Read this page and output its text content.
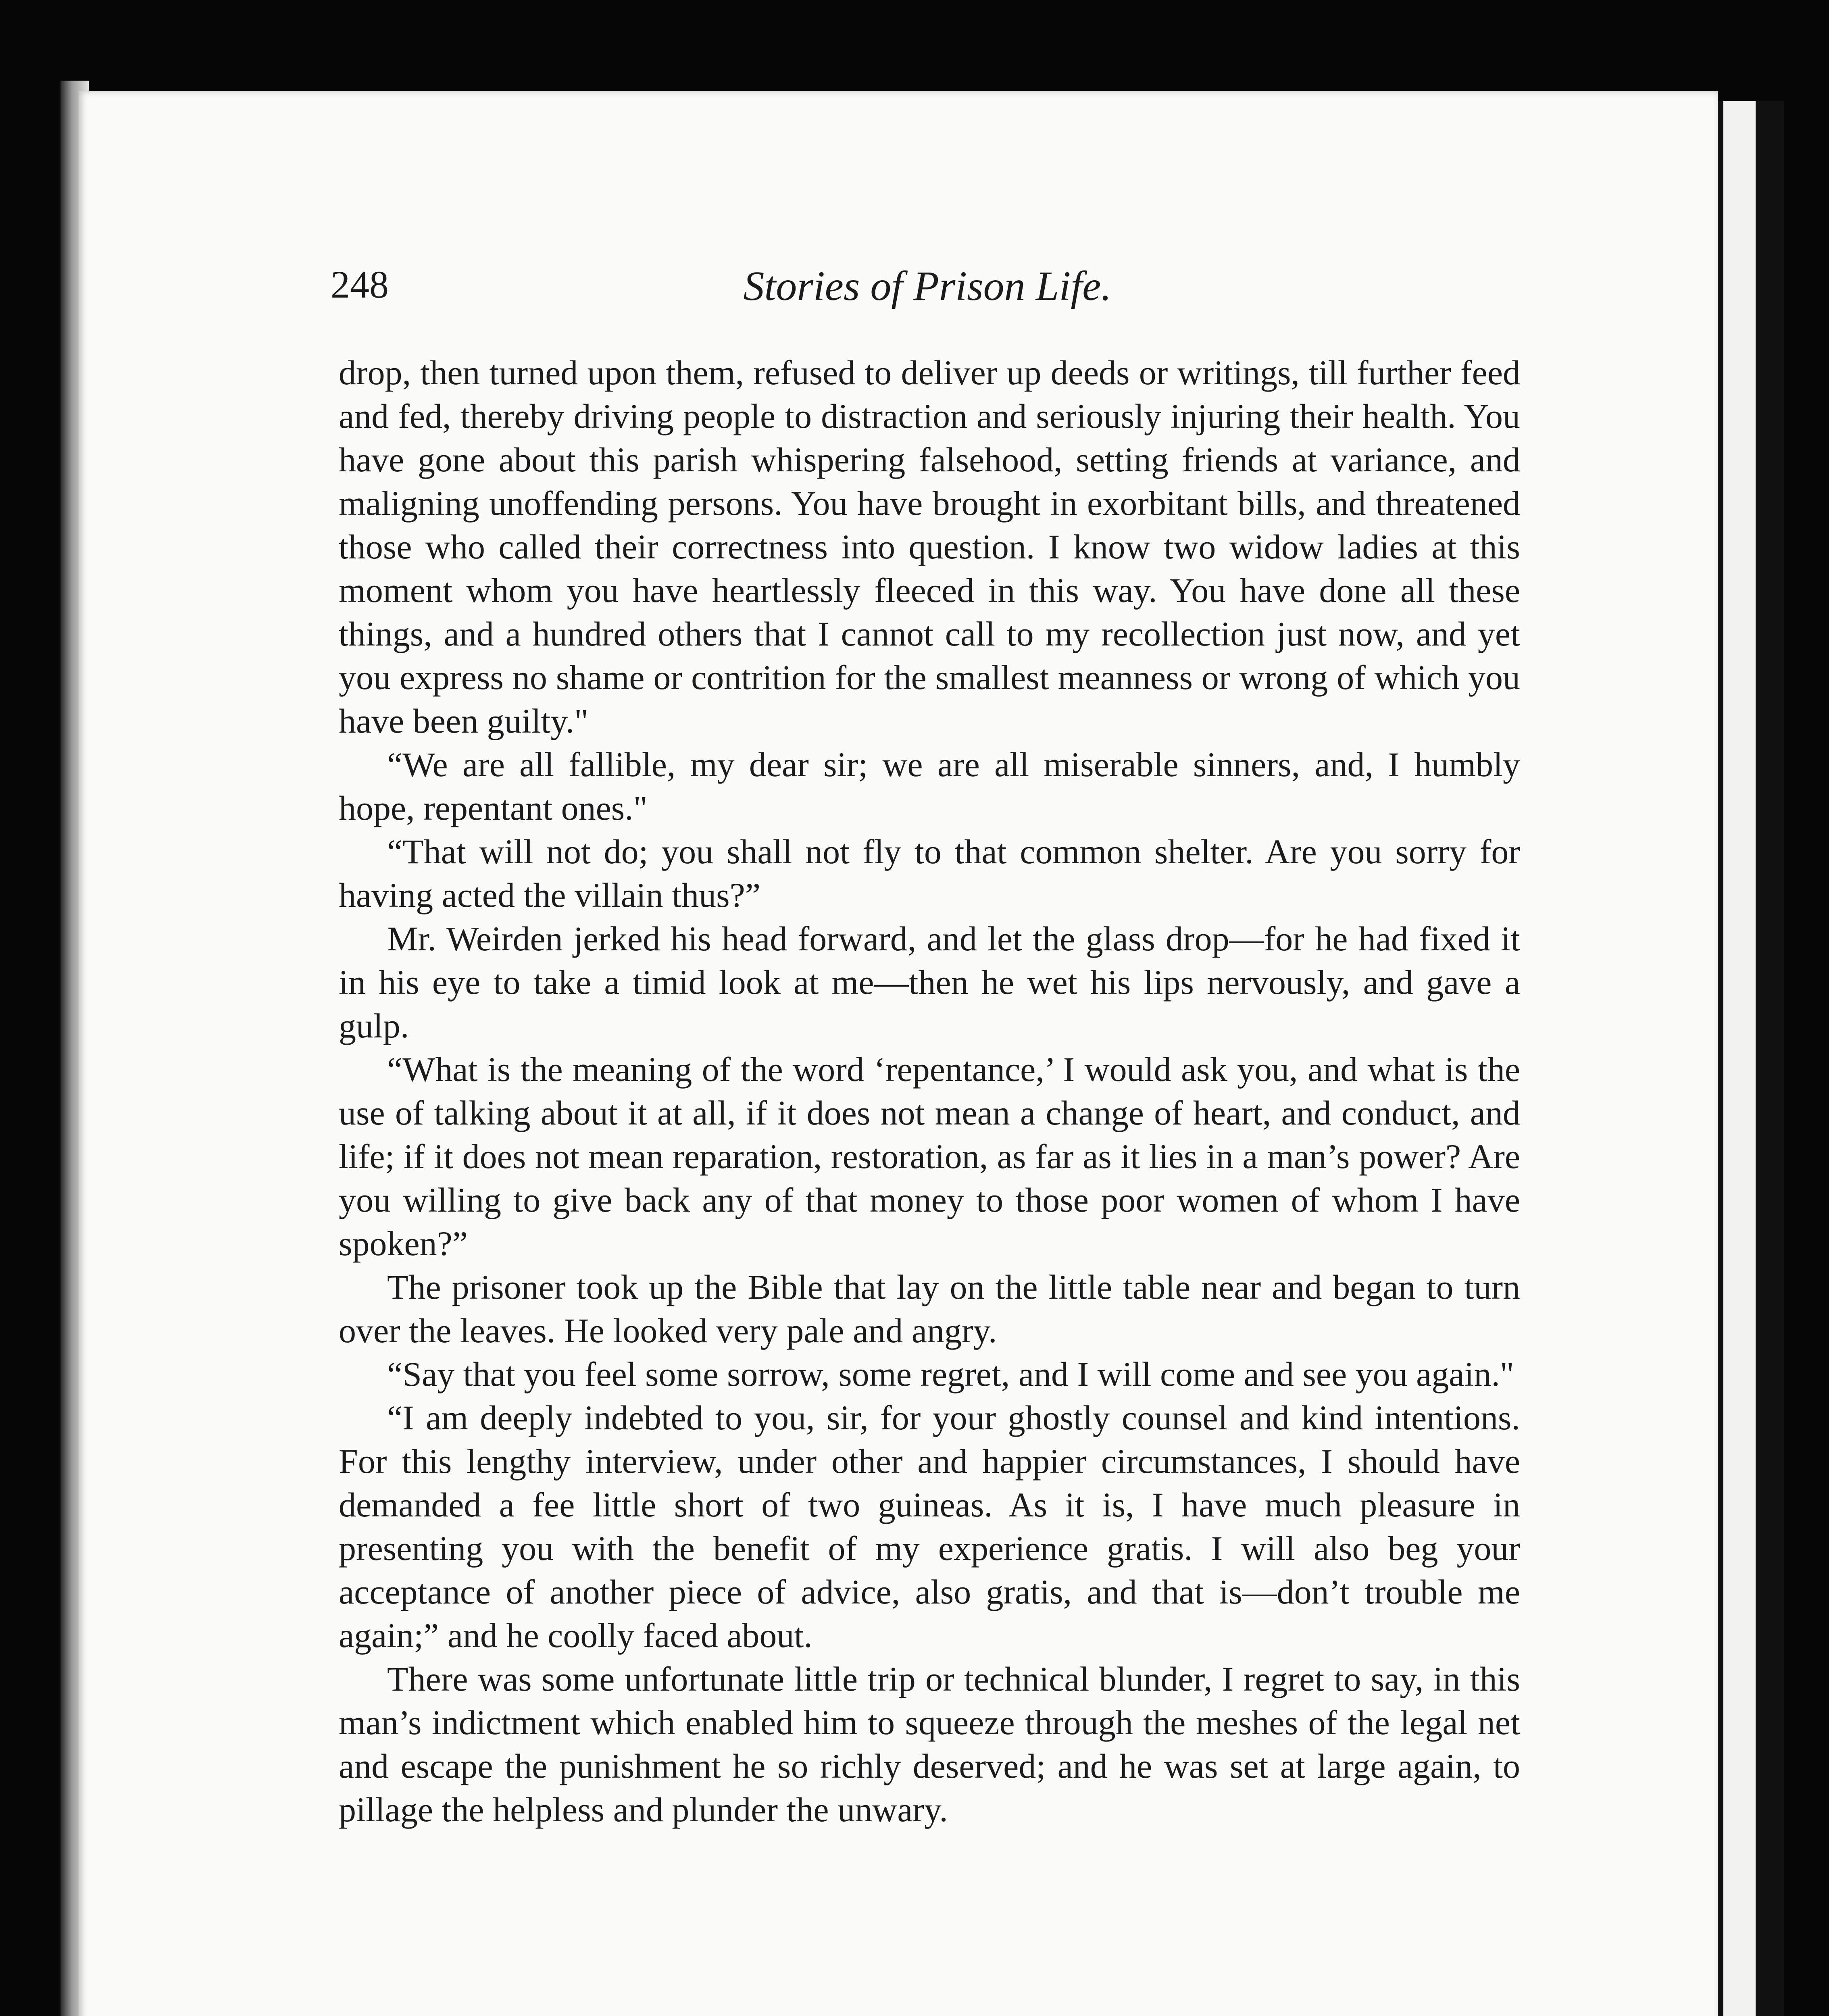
248	Stories of Prison Life.

drop, then turned upon them, refused to deliver up deeds or writings, till further feed and fed, thereby driving people to distraction and seriously injuring their health. You have gone about this parish whispering falsehood, setting friends at variance, and maligning unoffending persons. You have brought in exorbitant bills, and threatened those who called their correctness into question. I know two widow ladies at this moment whom you have heartlessly fleeced in this way. You have done all these things, and a hundred others that I cannot call to my recollection just now, and yet you express no shame or contrition for the smallest meanness or wrong of which you have been guilty."

“We are all fallible, my dear sir; we are all miserable sinners, and, I humbly hope, repentant ones."

“That will not do; you shall not fly to that common shelter. Are you sorry for having acted the villain thus?”

Mr. Weirden jerked his head forward, and let the glass drop—for he had fixed it in his eye to take a timid look at me—then he wet his lips nervously, and gave a gulp.

“What is the meaning of the word ‘repentance,’ I would ask you, and what is the use of talking about it at all, if it does not mean a change of heart, and conduct, and life; if it does not mean reparation, restoration, as far as it lies in a man’s power? Are you willing to give back any of that money to those poor women of whom I have spoken?”

The prisoner took up the Bible that lay on the little table near and began to turn over the leaves. He looked very pale and angry.

“Say that you feel some sorrow, some regret, and I will come and see you again."

“I am deeply indebted to you, sir, for your ghostly counsel and kind intentions. For this lengthy interview, under other and happier circumstances, I should have demanded a fee little short of two guineas. As it is, I have much pleasure in presenting you with the benefit of my experience gratis. I will also beg your acceptance of another piece of advice, also gratis, and that is—don’t trouble me again;” and he coolly faced about.

There was some unfortunate little trip or technical blunder, I regret to say, in this man’s indictment which enabled him to squeeze through the meshes of the legal net and escape the punishment he so richly deserved; and he was set at large again, to pillage the helpless and plunder the unwary.
